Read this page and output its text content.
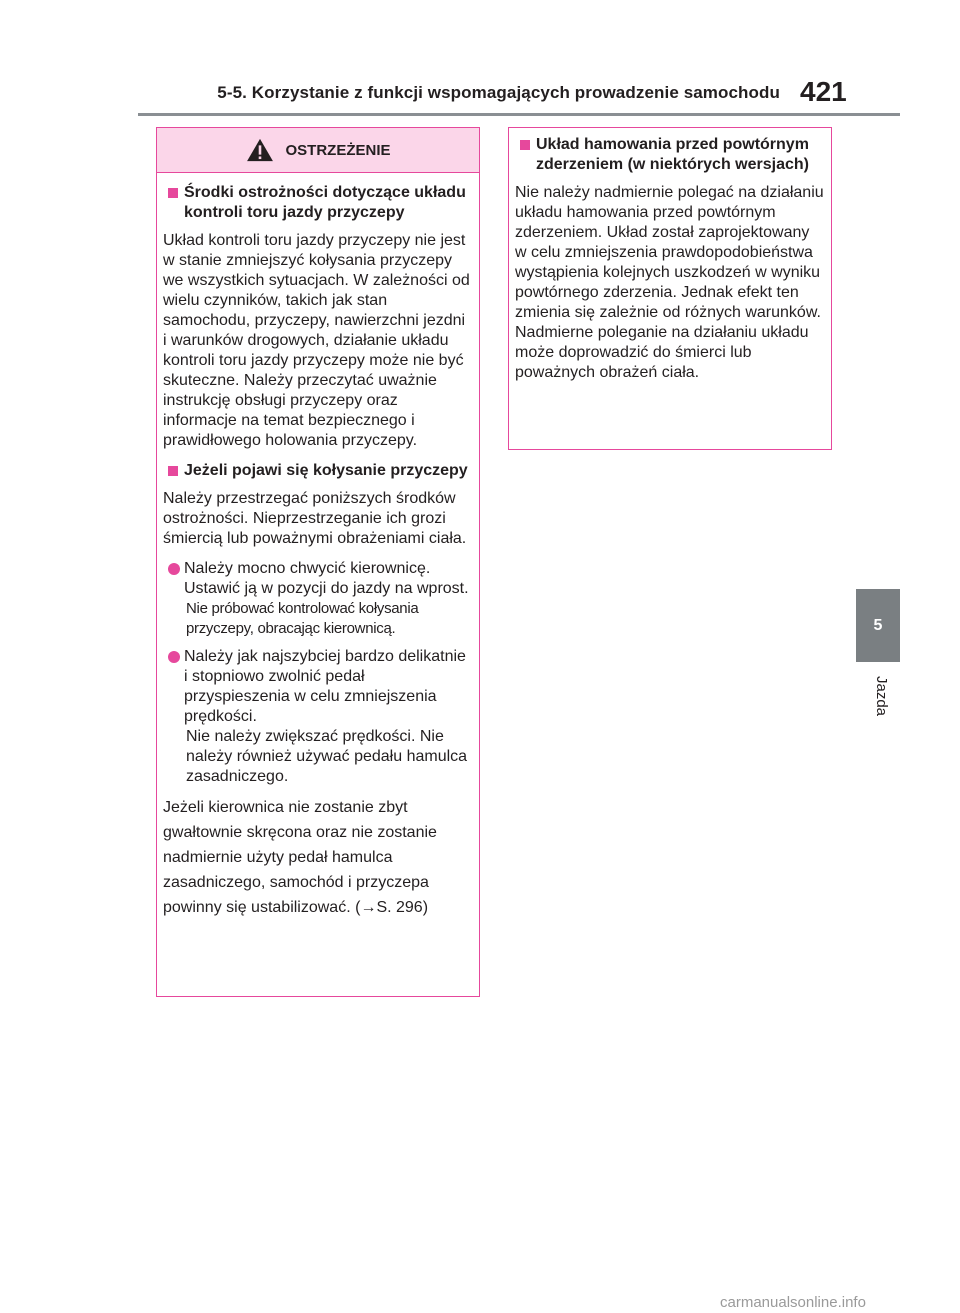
5-5. Korzystanie z funkcji wspomagających prowadzenie samochodu 421
5
Jazda
OSTRZEŻENIE
Środki ostrożności dotyczące układu kontroli toru jazdy przyczepy
Układ kontroli toru jazdy przyczepy nie jest w stanie zmniejszyć kołysania przyczepy we wszystkich sytuacjach. W zależności od wielu czynników, takich jak stan samochodu, przyczepy, nawierzchni jezdni i warunków drogowych, działanie układu kontroli toru jazdy przyczepy może nie być skuteczne. Należy przeczytać uważnie instrukcję obsługi przyczepy oraz informacje na temat bezpiecznego i prawidłowego holowania przyczepy.
Jeżeli pojawi się kołysanie przyczepy
Należy przestrzegać poniższych środków ostrożności. Nieprzestrzeganie ich grozi śmiercią lub poważnymi obrażeniami ciała.
Należy mocno chwycić kierownicę. Ustawić ją w pozycji do jazdy na wprost.
Nie próbować kontrolować kołysania przyczepy, obracając kierownicą.
Należy jak najszybciej bardzo delikatnie i stopniowo zwolnić pedał przyspieszenia w celu zmniejszenia prędkości.
Nie należy zwiększać prędkości. Nie należy również używać pedału hamulca zasadniczego.
Jeżeli kierownica nie zostanie zbyt gwałtownie skręcona oraz nie zostanie nadmiernie użyty pedał hamulca zasadniczego, samochód i przyczepa powinny się ustabilizować. (→S. 296)
Układ hamowania przed powtórnym zderzeniem (w niektórych wersjach)
Nie należy nadmiernie polegać na działaniu układu hamowania przed powtórnym zderzeniem. Układ został zaprojektowany w celu zmniejszenia prawdopodobieństwa wystąpienia kolejnych uszkodzeń w wyniku powtórnego zderzenia. Jednak efekt ten zmienia się zależnie od różnych warunków. Nadmierne poleganie na działaniu układu może doprowadzić do śmierci lub poważnych obrażeń ciała.
carmanualsonline.info
